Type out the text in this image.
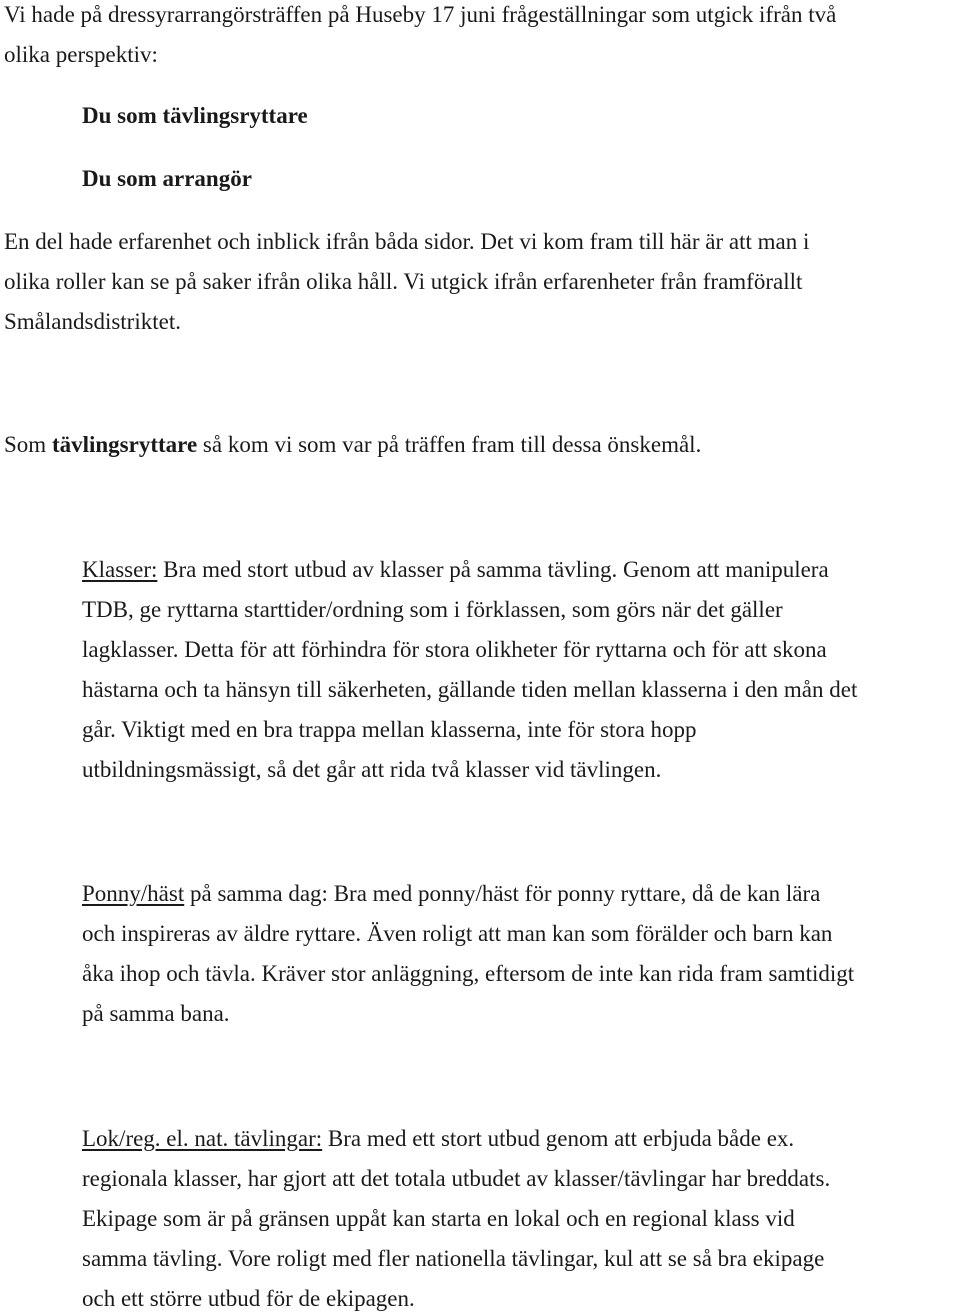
Vi hade på dressyrarrangörsträffen på Huseby 17 juni frågeställningar som utgick ifrån två
olika perspektiv:
Du som tävlingsryttare
Du som arrangör
En del hade erfarenhet och inblick ifrån båda sidor. Det vi kom fram till här är att man i
olika roller kan se på saker ifrån olika håll. Vi utgick ifrån erfarenheter från framförallt
Smålandsdistriktet.
Som tävlingsryttare så kom vi som var på träffen fram till dessa önskemål.
Klasser: Bra med stort utbud av klasser på samma tävling. Genom att manipulera
TDB, ge ryttarna starttider/ordning som i förklassen, som görs när det gäller
lagklasser. Detta för att förhindra för stora olikheter för ryttarna och för att skona
hästarna och ta hänsyn till säkerheten, gällande tiden mellan klasserna i den mån det
går. Viktigt med en bra trappa mellan klasserna, inte för stora hopp
utbildningsmässigt, så det går att rida två klasser vid tävlingen.
Ponny/häst på samma dag: Bra med ponny/häst för ponny ryttare, då de kan lära
och inspireras av äldre ryttare. Även roligt att man kan som förälder och barn kan
åka ihop och tävla. Kräver stor anläggning, eftersom de inte kan rida fram samtidigt
på samma bana.
Lok/reg. el. nat. tävlingar: Bra med ett stort utbud genom att erbjuda både ex.
regionala klasser, har gjort att det totala utbudet av klasser/tävlingar har breddats.
Ekipage som är på gränsen uppåt kan starta en lokal och en regional klass vid
samma tävling. Vore roligt med fler nationella tävlingar, kul att se så bra ekipage
och ett större utbud för de ekipagen.
